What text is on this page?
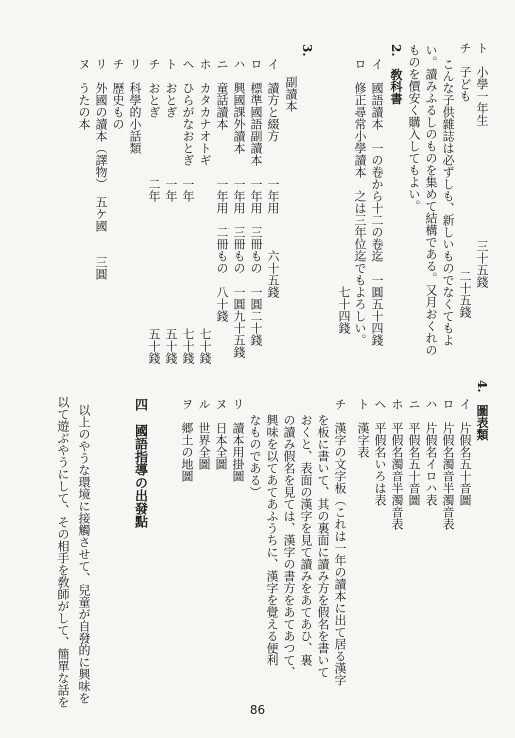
ト　小學一年生
三十五錢
チ　子ども
二十五錢
こんな子供雜誌は必ずしも、新しいものでなくてもよ
い。讀みふるしのものを集めて結構である。又月おくれの
ものを價安く購入してもよい。
2.　敎科書
イ　國語讀本　一の卷から十二の卷迄　一圓五十四錢
ロ　修正尋常小學讀本　之は三年位迄でもよろしい。
七十四錢
3.
副讀本
イ　讀方と綴方　　　一年用　　　六十五錢
ロ　標準國語副讀本　一年用　三冊もの　一圓二十錢
ハ　興國課外讀本　　一年用　三冊もの　一圓九十五錢
ニ　童話讀本　　　　一年用　二冊もの　八十錢
ホ　カタカナオトギ
七十錢
ヘ　ひらがなおとぎ　一年
七十錢
ト　おとぎ　　　　　一年
五十錢
チ　おとぎ　　　　　二年
五十錢
リ　科學的小話類
チ　歷史もの
リ　外國の讀本（譯物）　五ケ國　　三圓
ヌ　うたの本
4.　圖表類
イ　片假名五十音圖
ロ　片假名濁音半濁音表
ハ　片假名イロハ表
ニ　平假名五十音圖
ホ　平假名濁音半濁音表
ヘ　平假名いろは表
ト　漢字表
チ　漢字の文字板（これは一年の讀本に出て居る漢字
を板に書いて、其の裏面に讀み方を假名を書いて
おくと、表面の漢字を見て讀みをあてあひ、裏
の讀み假名を見ては、漢字の書方をあてあつて、
興味を以てあてあふうちに、漢字を覺える便利
なものである）
リ　讀本用掛圖
ヌ　日本全圖
ル　世界全圖
ヲ　郷土の地圖
四　國語指導の出發點
以上のやうな環境に接觸させて、兒童が自發的に興味を
以て遊ぶやうにして、その相手を敎師がして、簡單な話を
86
